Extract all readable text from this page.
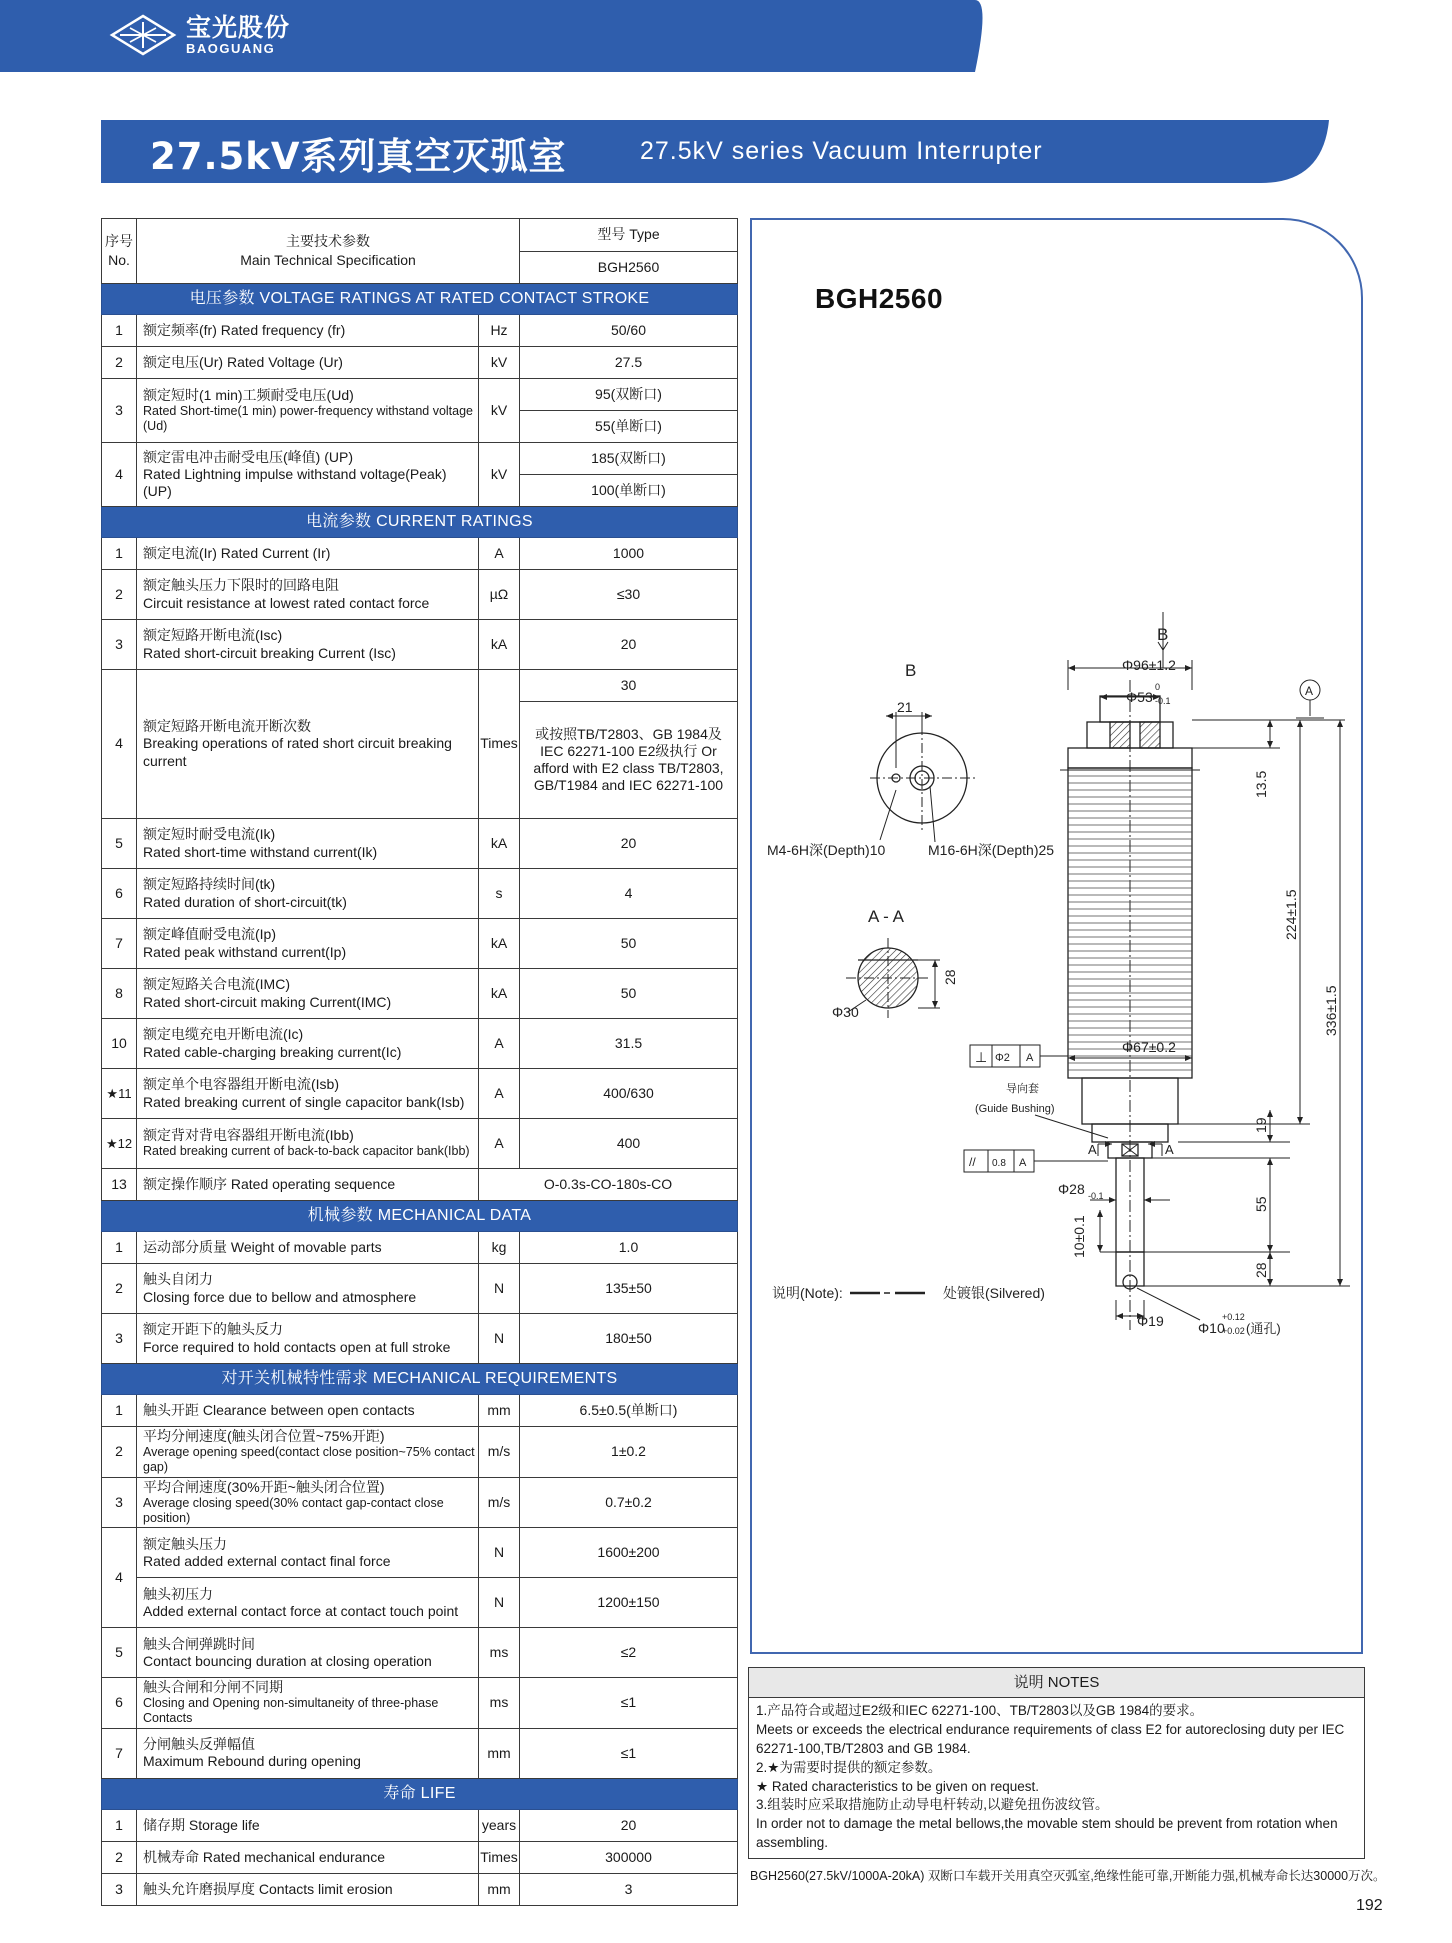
宝光股份
BAOGUANG
27.5kV系列真空灭弧室	27.5kV series Vacuum Interrupter
序号
No.	主要技术参数
Main Technical Specification		型号 Type
			BGH2560
电压参数 VOLTAGE RATINGS AT RATED CONTACT STROKE			
1	额定频率(fr) Rated frequency (fr)	Hz	50/60
2	额定电压(Ur) Rated Voltage (Ur)	kV	27.5
3	额定短时(1 min)工频耐受电压(Ud)
Rated Short-time(1 min) power-frequency withstand voltage (Ud)	kV	95(双断口)
			55(单断口)
4	额定雷电冲击耐受电压(峰值) (UP)
Rated Lightning impulse withstand voltage(Peak) (UP)	kV	185(双断口)
			100(单断口)
电流参数 CURRENT RATINGS			
1	额定电流(Ir) Rated Current (Ir)	A	1000
2	额定触头压力下限时的回路电阻
Circuit resistance at lowest rated contact force	µΩ	≤30
3	额定短路开断电流(Isc)
Rated short-circuit breaking Current (Isc)	kA	20
4	额定短路开断电流开断次数
Breaking operations of rated short circuit breaking current	Times	30
			或按照TB/T2803、GB 1984及IEC 62271-100 E2级执行 Or afford with E2 class TB/T2803, GB/T1984 and IEC 62271-100
5	额定短时耐受电流(Ik)
Rated short-time withstand current(Ik)	kA	20
6	额定短路持续时间(tk)
Rated duration of short-circuit(tk)	s	4
7	额定峰值耐受电流(Ip)
Rated peak withstand current(Ip)	kA	50
8	额定短路关合电流(IMC)
Rated short-circuit making Current(IMC)	kA	50
10	额定电缆充电开断电流(Ic)
Rated cable-charging breaking current(Ic)	A	31.5
★11	额定单个电容器组开断电流(Isb)
Rated breaking current of single capacitor bank(Isb)	A	400/630
★12	额定背对背电容器组开断电流(Ibb)
Rated breaking current of back-to-back capacitor bank(Ibb)	A	400
13	额定操作顺序 Rated operating sequence	O-0.3s-CO-180s-CO	
机械参数 MECHANICAL DATA			
1	运动部分质量 Weight of movable parts	kg	1.0
2	触头自闭力
Closing force due to bellow and atmosphere	N	135±50
3	额定开距下的触头反力
Force required to hold contacts open at full stroke	N	180±50
对开关机械特性需求 MECHANICAL REQUIREMENTS			
1	触头开距 Clearance between open contacts	mm	6.5±0.5(单断口)
2	平均分闸速度(触头闭合位置~75%开距)
Average opening speed(contact close position~75% contact gap)	m/s	1±0.2
3	平均合闸速度(30%开距~触头闭合位置)
Average closing speed(30% contact gap-contact close position)	m/s	0.7±0.2
4	额定触头压力
Rated added external contact final force	N	1600±200

	触头初压力
Added external contact force at contact touch point	N	1200±150
5	触头合闸弹跳时间
Contact bouncing duration at closing operation	ms	≤2
6	触头合闸和分闸不同期
Closing and Opening non-simultaneity of three-phase Contacts	ms	≤1
7	分闸触头反弹幅值
Maximum Rebound during opening	mm	≤1
寿命 LIFE			
1	储存期 Storage life	years	20
2	机械寿命 Rated mechanical endurance	Times	300000
3	触头允许磨损厚度 Contacts limit erosion	mm	3
BGH2560
B
21
M4-6H深(Depth)10	M16-6H深(Depth)25
A - A
28
Φ30
B
A
Φ96±1.2
Φ53
0
-0.1
13.5
224±1.5
336±1.5
Φ67±0.2
⊥ Φ2 A
导向套
(Guide Bushing)
// 0.8 A
19
A	A
Φ28 -0.1
55
10±0.1
28
Φ19 Φ10
+0.12
+0.02 (通孔)
说明(Note):	处镀银(Silvered)
说明 NOTES
1.产品符合或超过E2级和IEC 62271-100、TB/T2803以及GB 1984的要求。
Meets or exceeds the electrical endurance requirements of class E2 for autoreclosing duty per IEC 62271-100,TB/T2803 and GB 1984.
2.★为需要时提供的额定参数。
★ Rated characteristics to be given on request.
3.组装时应采取措施防止动导电杆转动,以避免扭伤波纹管。
In order not to damage the metal bellows,the movable stem should be prevent from rotation when assembling.
BGH2560(27.5kV/1000A-20kA) 双断口车载开关用真空灭弧室,绝缘性能可靠,开断能力强,机械寿命长达30000万次。
192
